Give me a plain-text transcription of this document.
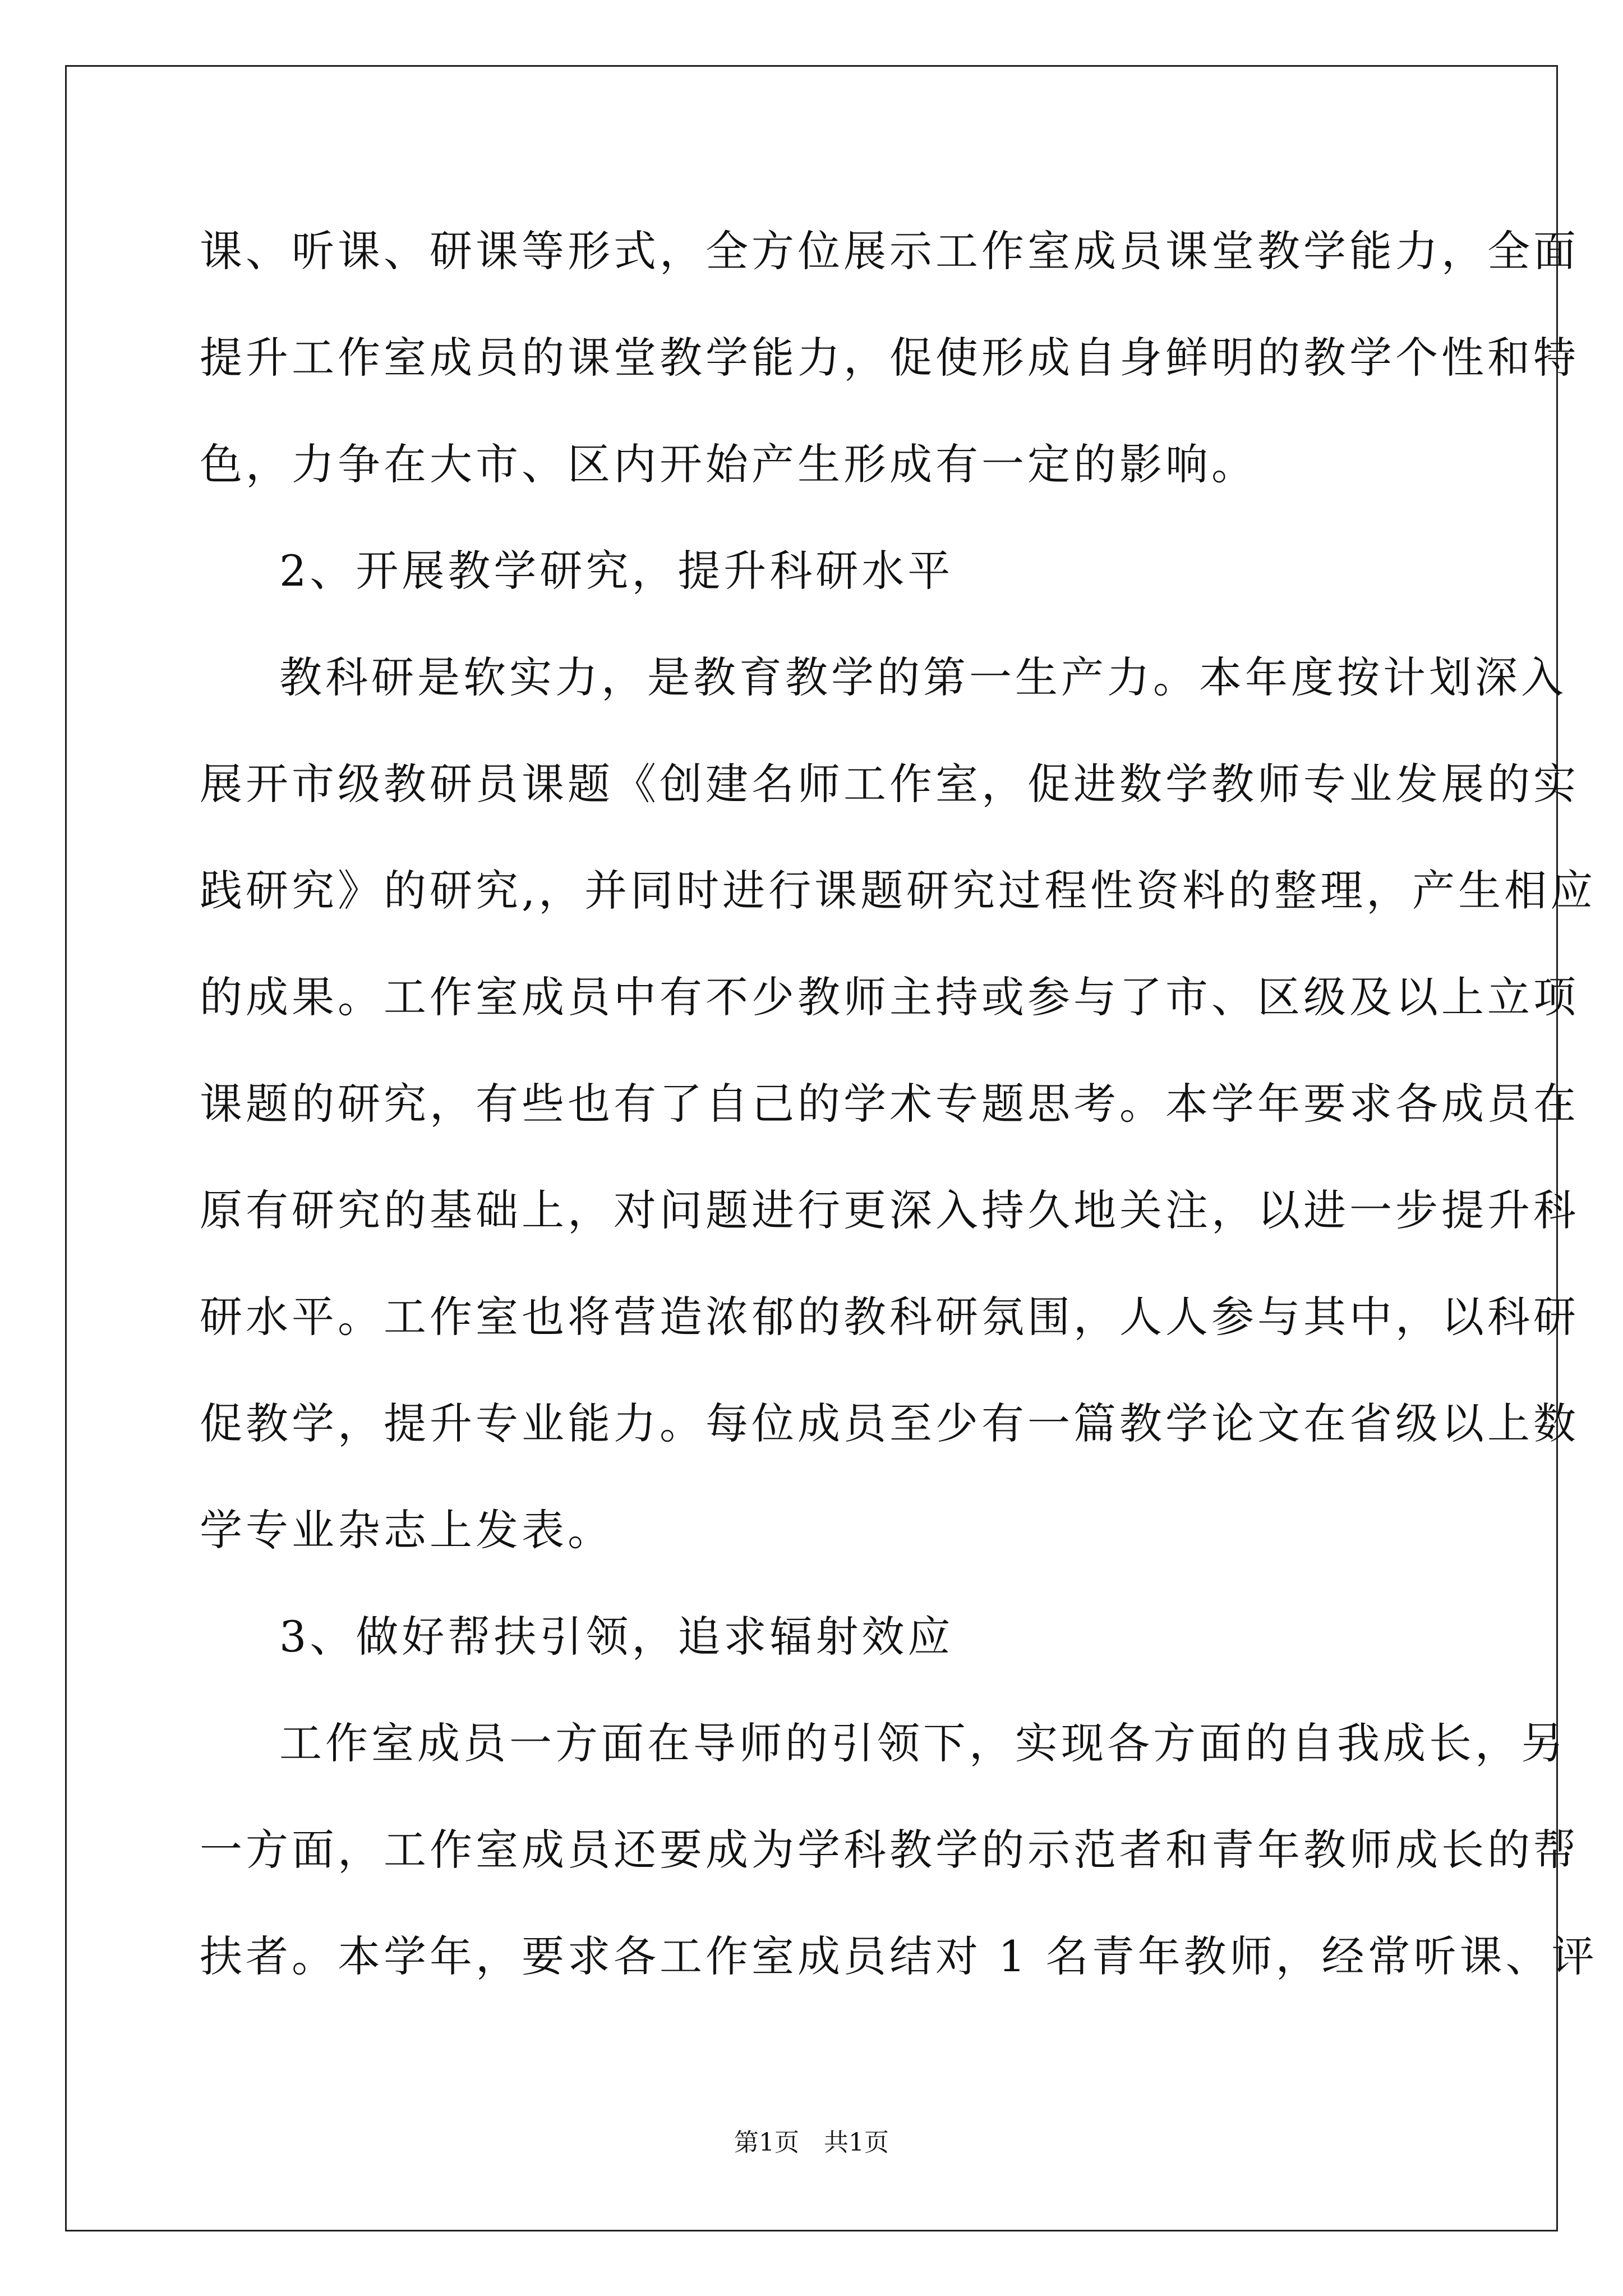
课、听课、研课等形式，全方位展示工作室成员课堂教学能力，全面
提升工作室成员的课堂教学能力，促使形成自身鲜明的教学个性和特
色，力争在大市、区内开始产生形成有一定的影响。
2、开展教学研究，提升科研水平
教科研是软实力，是教育教学的第一生产力。本年度按计划深入
展开市级教研员课题《创建名师工作室，促进数学教师专业发展的实
践研究》的研究,，并同时进行课题研究过程性资料的整理，产生相应
的成果。工作室成员中有不少教师主持或参与了市、区级及以上立项
课题的研究，有些也有了自己的学术专题思考。本学年要求各成员在
原有研究的基础上，对问题进行更深入持久地关注，以进一步提升科
研水平。工作室也将营造浓郁的教科研氛围，人人参与其中，以科研
促教学，提升专业能力。每位成员至少有一篇教学论文在省级以上数
学专业杂志上发表。
3、做好帮扶引领，追求辐射效应
工作室成员一方面在导师的引领下，实现各方面的自我成长，另
一方面，工作室成员还要成为学科教学的示范者和青年教师成长的帮
扶者。本学年，要求各工作室成员结对 1 名青年教师，经常听课、评
第1页　共1页
